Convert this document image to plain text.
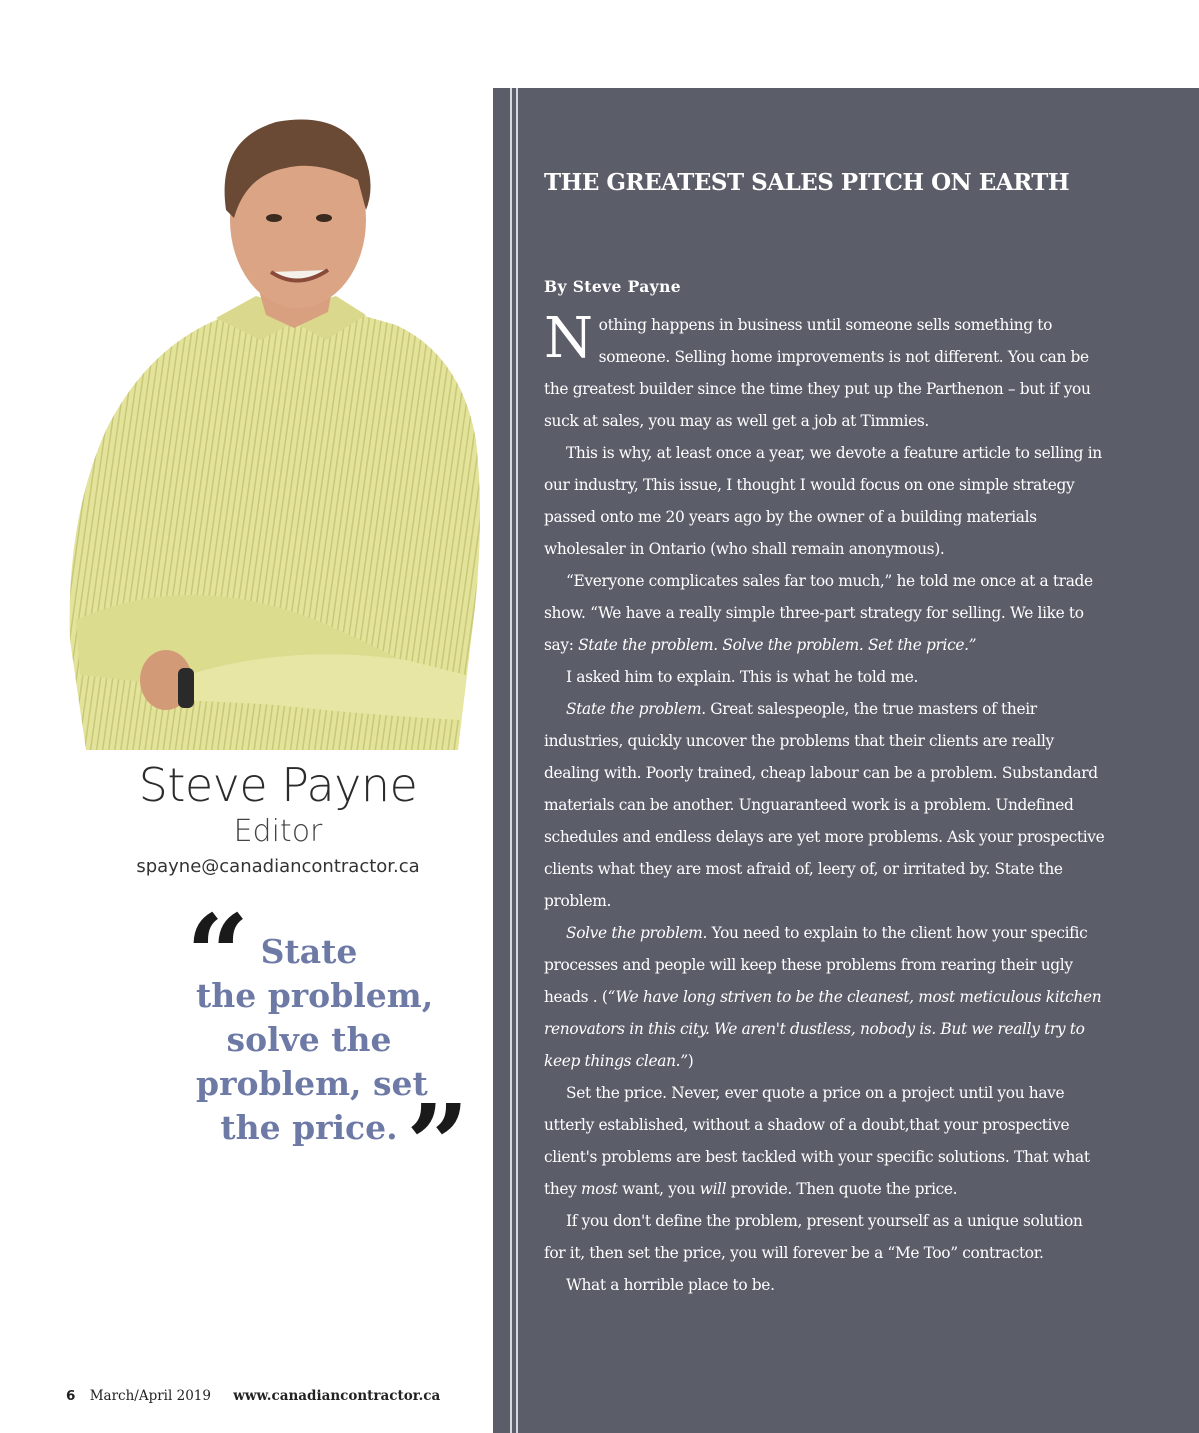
Steve Payne
Editor
spayne@canadiancontractor.ca
“ State
the problem,
solve the
problem, set
the price. ”
6 March/April 2019 www.canadiancontractor.ca
THE GREATEST SALES PITCH ON EARTH

By Steve Payne

Nothing happens in business until someone sells something to someone. Selling home improvements is not different. You can be the greatest builder since the time they put up the Parthenon – but if you suck at sales, you may as well get a job at Timmies.

This is why, at least once a year, we devote a feature article to selling in our industry, This issue, I thought I would focus on one simple strategy passed onto me 20 years ago by the owner of a building materials wholesaler in Ontario (who shall remain anonymous).

“Everyone complicates sales far too much,” he told me once at a trade show. “We have a really simple three-part strategy for selling. We like to say: State the problem. Solve the problem. Set the price.”

I asked him to explain. This is what he told me.

State the problem. Great salespeople, the true masters of their industries, quickly uncover the problems that their clients are really dealing with. Poorly trained, cheap labour can be a problem. Substandard materials can be another. Unguaranteed work is a problem. Undefined schedules and endless delays are yet more problems. Ask your prospective clients what they are most afraid of, leery of, or irritated by. State the problem.

Solve the problem. You need to explain to the client how your specific processes and people will keep these problems from rearing their ugly heads . (“We have long striven to be the cleanest, most meticulous kitchen renovators in this city. We aren't dustless, nobody is. But we really try to keep things clean.”)

Set the price. Never, ever quote a price on a project until you have utterly established, without a shadow of a doubt,that your prospective client's problems are best tackled with your specific solutions. That what they most want, you will provide. Then quote the price.

If you don't define the problem, present yourself as a unique solution for it, then set the price, you will forever be a “Me Too” contractor.

What a horrible place to be.
